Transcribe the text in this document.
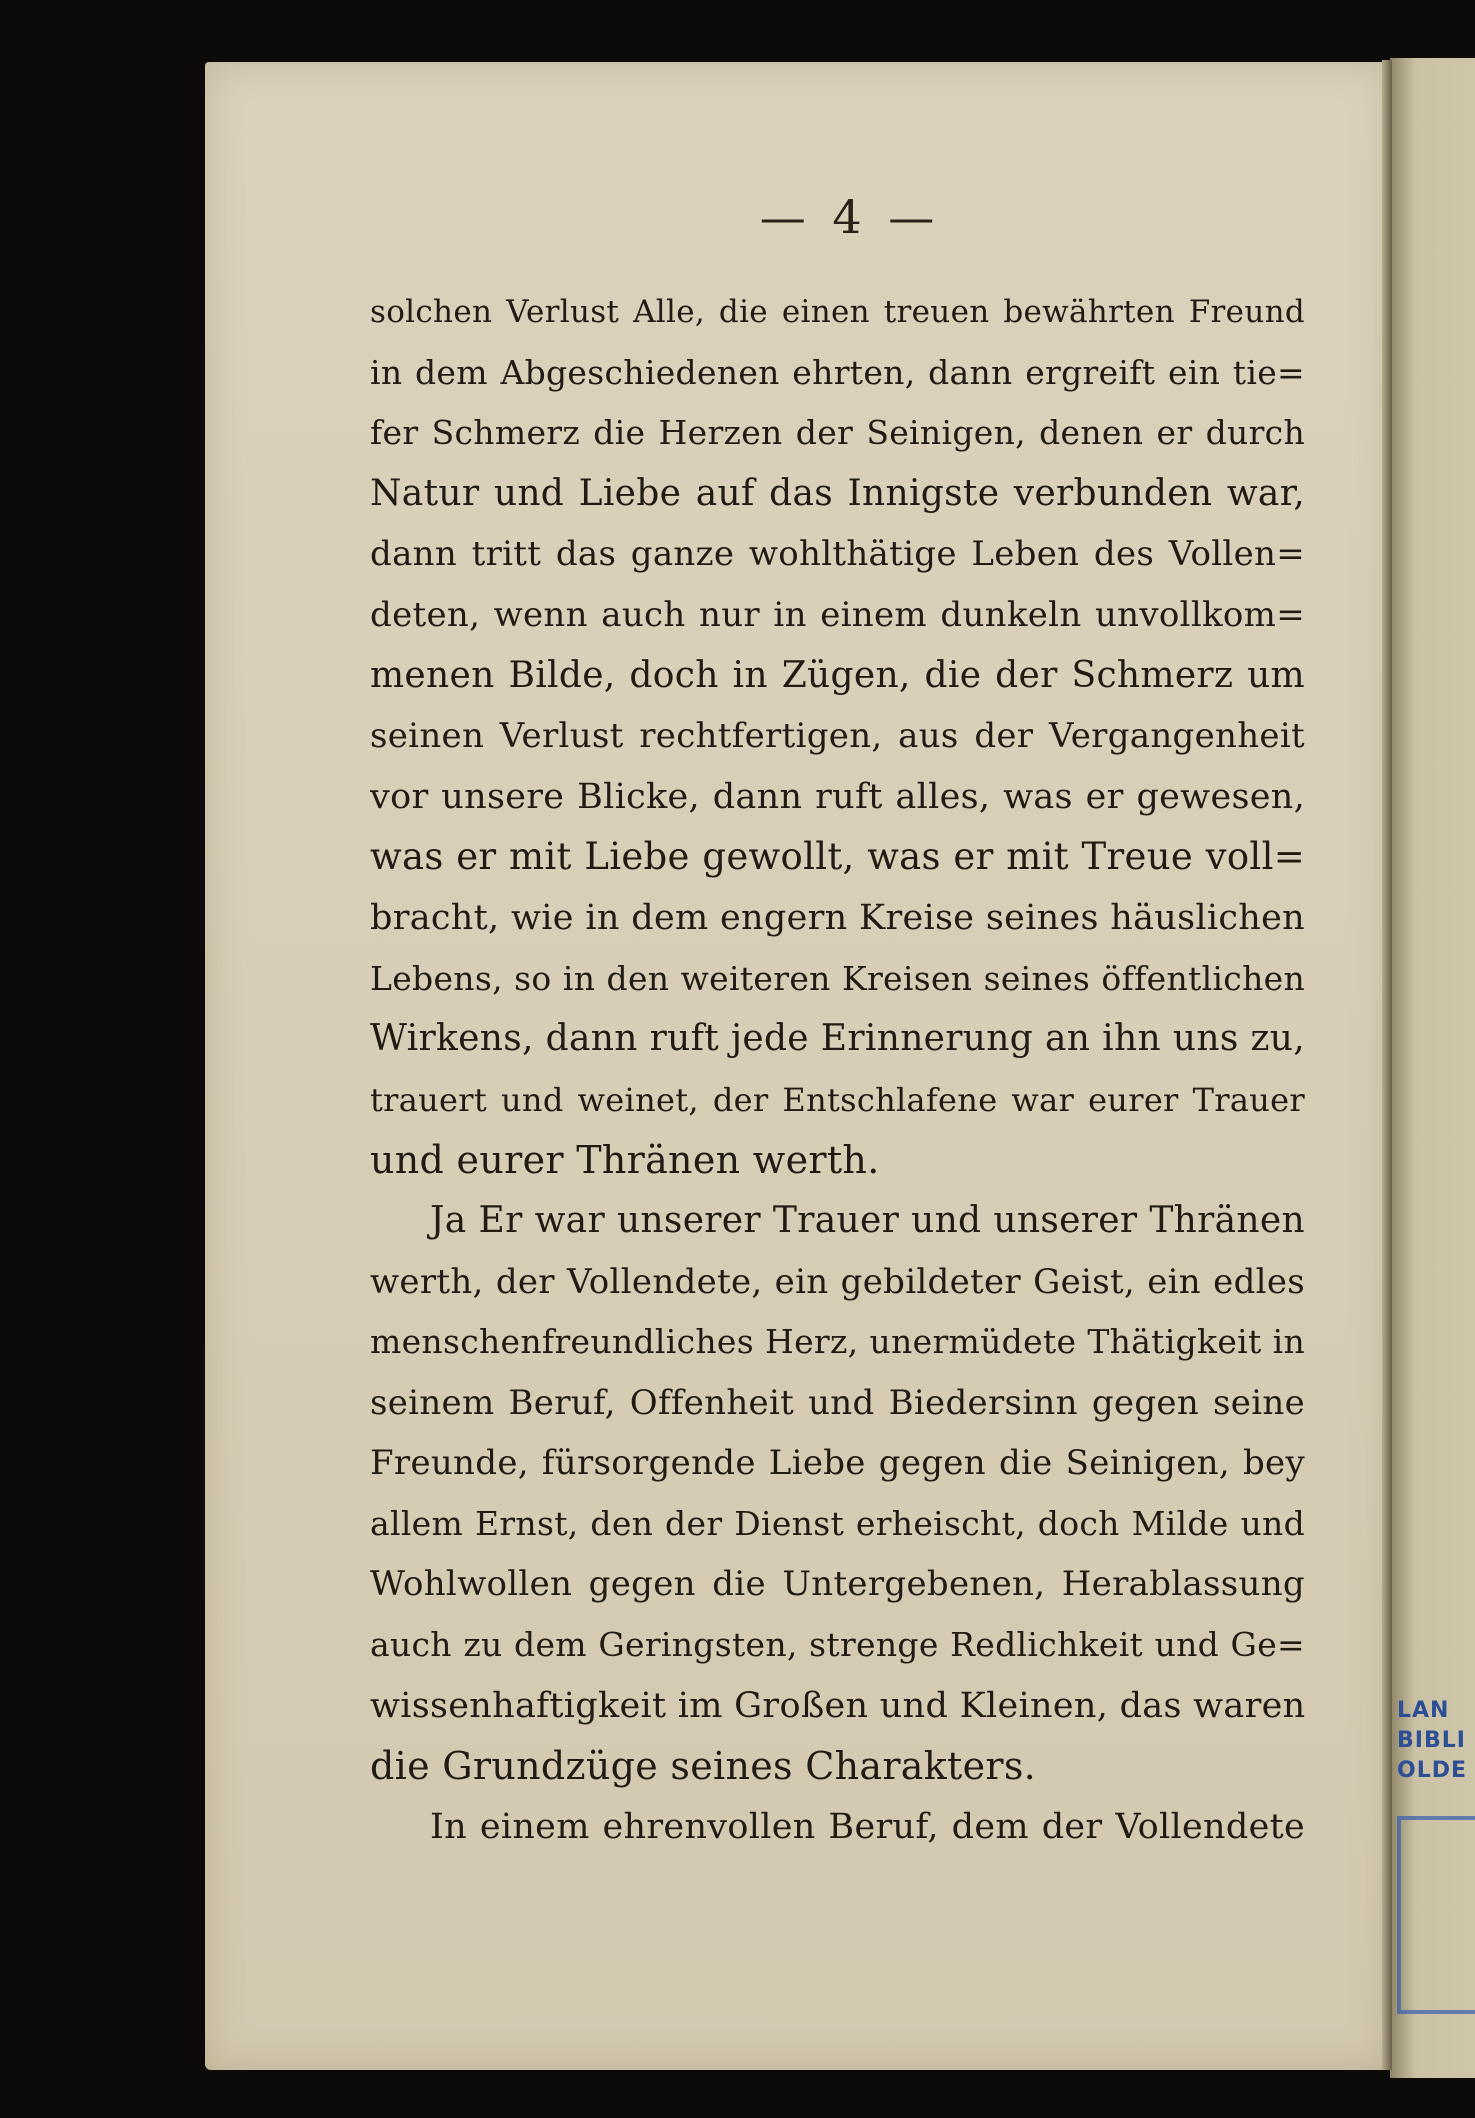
— 4 —
solchen Verlust Alle, die einen treuen bewährten Freund
in dem Abgeschiedenen ehrten, dann ergreift ein tie=
fer Schmerz die Herzen der Seinigen, denen er durch
Natur und Liebe auf das Innigste verbunden war,
dann tritt das ganze wohlthätige Leben des Vollen=
deten, wenn auch nur in einem dunkeln unvollkom=
menen Bilde, doch in Zügen, die der Schmerz um
seinen Verlust rechtfertigen, aus der Vergangenheit
vor unsere Blicke, dann ruft alles, was er gewesen,
was er mit Liebe gewollt, was er mit Treue voll=
bracht, wie in dem engern Kreise seines häuslichen
Lebens, so in den weiteren Kreisen seines öffentlichen
Wirkens, dann ruft jede Erinnerung an ihn uns zu,
trauert und weinet, der Entschlafene war eurer Trauer
und eurer Thränen werth.
Ja Er war unserer Trauer und unserer Thränen
werth, der Vollendete, ein gebildeter Geist, ein edles
menschenfreundliches Herz, unermüdete Thätigkeit in
seinem Beruf, Offenheit und Biedersinn gegen seine
Freunde, fürsorgende Liebe gegen die Seinigen, bey
allem Ernst, den der Dienst erheischt, doch Milde und
Wohlwollen gegen die Untergebenen, Herablassung
auch zu dem Geringsten, strenge Redlichkeit und Ge=
wissenhaftigkeit im Großen und Kleinen, das waren
die Grundzüge seines Charakters.
In einem ehrenvollen Beruf, dem der Vollendete
LAN
BIBLI
OLDE
